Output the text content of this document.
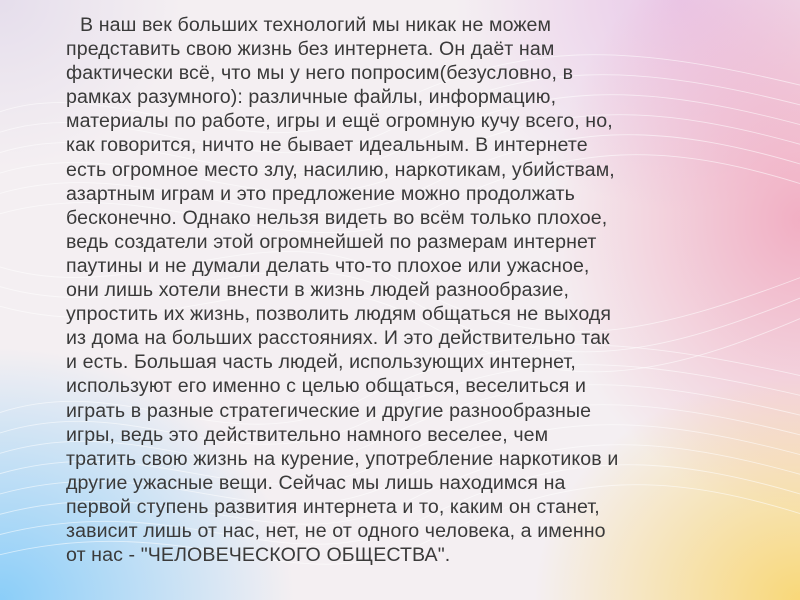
В наш век больших технологий мы никак не можем
представить свою жизнь без интернета. Он даёт нам
фактически всё, что мы у него попросим(безусловно, в
рамках разумного): различные файлы, информацию,
материалы по работе, игры и ещё огромную кучу всего, но,
как говорится, ничто не бывает идеальным. В интернете
есть огромное место злу, насилию, наркотикам, убийствам,
азартным играм и это предложение можно продолжать
бесконечно. Однако нельзя видеть во всём только плохое,
ведь создатели этой огромнейшей по размерам интернет
паутины и не думали делать что-то плохое или ужасное,
они лишь хотели внести в жизнь людей разнообразие,
упростить их жизнь, позволить людям общаться не выходя
из дома на больших расстояниях. И это действительно так
и есть. Большая часть людей, использующих интернет,
используют его именно с целью общаться, веселиться и
играть в разные стратегические и другие разнообразные
игры, ведь это действительно намного веселее, чем
тратить свою жизнь на курение, употребление наркотиков и
другие ужасные вещи. Сейчас мы лишь находимся на
первой ступень развития интернета и то, каким он станет,
зависит лишь от нас, нет, не от одного человека, а именно
от нас - "ЧЕЛОВЕЧЕСКОГО ОБЩЕСТВА".
